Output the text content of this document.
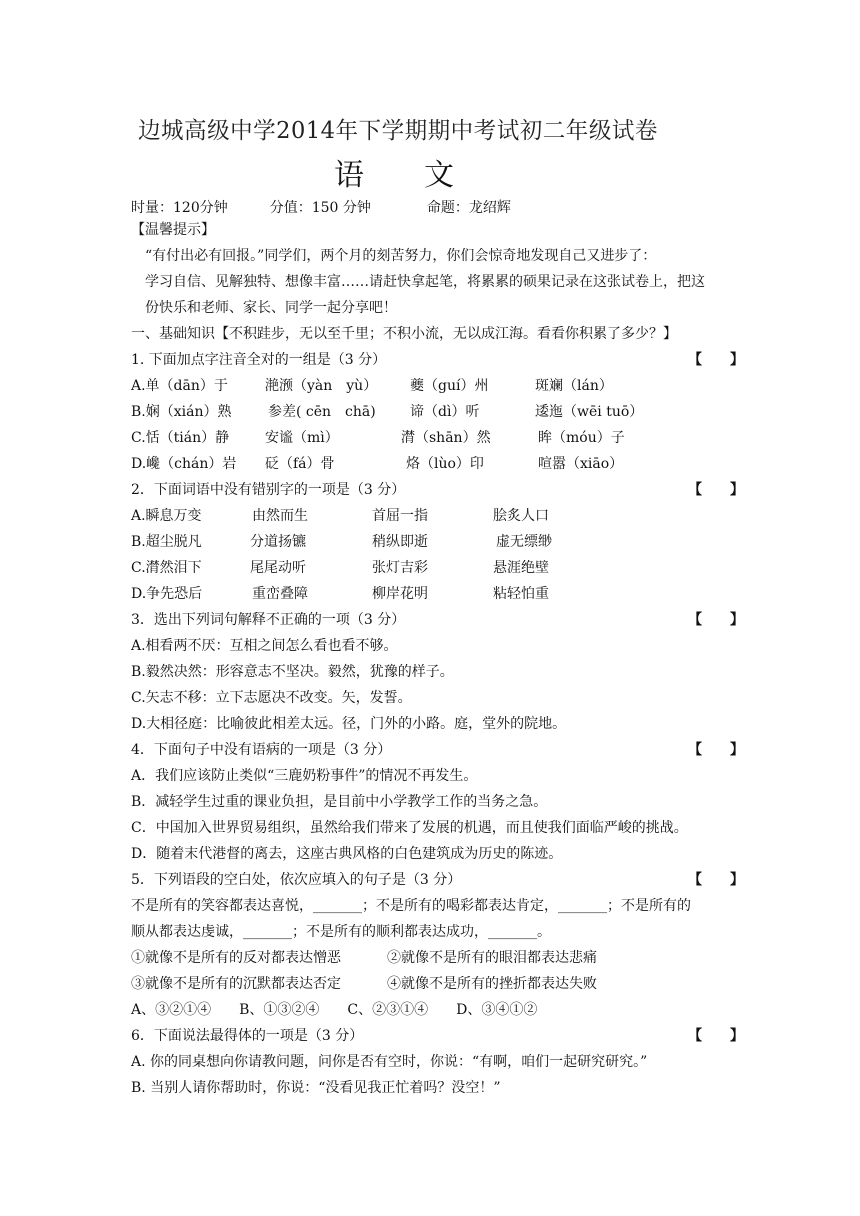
边城高级中学2014年下学期期中考试初二年级试卷
语　　文
时量：120分钟　　　分值：150 分钟　　　　命题：龙绍辉
【温馨提示】
“有付出必有回报。”同学们，两个月的刻苦努力，你们会惊奇地发现自己又进步了：
学习自信、见解独特、想像丰富……请赶快拿起笔，将累累的硕果记录在这张试卷上，把这
份快乐和老师、家长、同学一起分享吧！
一、基础知识【不积跬步，无以至千里；不积小流，无以成江海。看看你积累了多少？】
1. 下面加点字注音全对的一组是（3 分）	【　　】
A.单（dān）于	滟滪（yàn　yù） 夔（guí）州	斑斓（lán）
B.娴（xián）熟	参差( cēn　chā) 谛（dì）听	逶迤（wēi tuō）
C.恬（tián）静	安谧（mì）	潸（shān）然	眸（móu）子
D.巉（chán）岩 砭（fá）骨	烙（lùo）印	喧嚣（xiāo）
2．下面词语中没有错别字的一项是（3 分）	【　　】
A.瞬息万变	由然而生	首屈一指	脍炙人口
B.超尘脱凡	分道扬镳	稍纵即逝	虚无缥缈
C.潸然泪下	尾尾动听	张灯吉彩	悬涯绝壁
D.争先恐后	重峦叠障	柳岸花明	粘轻怕重
3．选出下列词句解释不正确的一项（3 分）	【　　】
A.相看两不厌：互相之间怎么看也看不够。
B.毅然决然：形容意志不坚决。毅然，犹豫的样子。
C.矢志不移：立下志愿决不改变。矢，发誓。
D.大相径庭：比喻彼此相差太远。径，门外的小路。庭，堂外的院地。
4．下面句子中没有语病的一项是（3 分）	【　　】
A．我们应该防止类似“三鹿奶粉事件”的情况不再发生。
B．减轻学生过重的课业负担，是目前中小学教学工作的当务之急。
C．中国加入世界贸易组织，虽然给我们带来了发展的机遇，而且使我们面临严峻的挑战。
D．随着末代港督的离去，这座古典风格的白色建筑成为历史的陈迹。
5．下列语段的空白处，依次应填入的句子是（3 分）	【　　】
不是所有的笑容都表达喜悦，_______；不是所有的喝彩都表达肯定，_______；不是所有的
顺从都表达虔诚，_______；不是所有的顺利都表达成功，_______。
①就像不是所有的反对都表达憎恶	②就像不是所有的眼泪都表达悲痛
③就像不是所有的沉默都表达否定	④就像不是所有的挫折都表达失败
A、③②①④　　B、①③②④　　C、②③①④　　D、③④①②
6．下面说法最得体的一项是（3 分）	【　　】
A. 你的同桌想向你请教问题，问你是否有空时，你说：“有啊，咱们一起研究研究。”
B. 当别人请你帮助时，你说：“没看见我正忙着吗？没空！”
